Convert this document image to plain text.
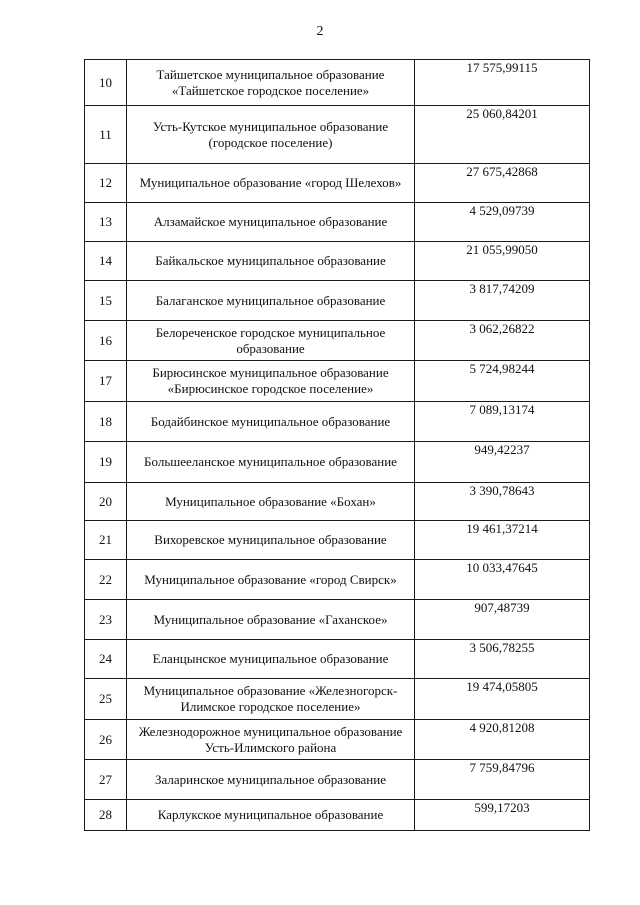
2
10	Тайшетское муниципальное образование «Тайшетское городское поселение»	17 575,99115
11	Усть-Кутское муниципальное образование (городское поселение)	25 060,84201
12	Муниципальное образование «город Шелехов»	27 675,42868
13	Алзамайское муниципальное образование	4 529,09739
14	Байкальское муниципальное образование	21 055,99050
15	Балаганское муниципальное образование	3 817,74209
16	Белореченское городское муниципальное образование	3 062,26822
17	Бирюсинское муниципальное образование «Бирюсинское городское поселение»	5 724,98244
18	Бодайбинское муниципальное образование	7 089,13174
19	Большееланское муниципальное образование	949,42237
20	Муниципальное образование «Бохан»	3 390,78643
21	Вихоревское муниципальное образование	19 461,37214
22	Муниципальное образование «город Свирск»	10 033,47645
23	Муниципальное образование «Гаханское»	907,48739
24	Еланцынское муниципальное образование	3 506,78255
25	Муниципальное образование «Железногорск-Илимское городское поселение»	19 474,05805
26	Железнодорожное муниципальное образование Усть-Илимского района	4 920,81208
27	Заларинское муниципальное образование	7 759,84796
28	Карлукское муниципальное образование	599,17203
